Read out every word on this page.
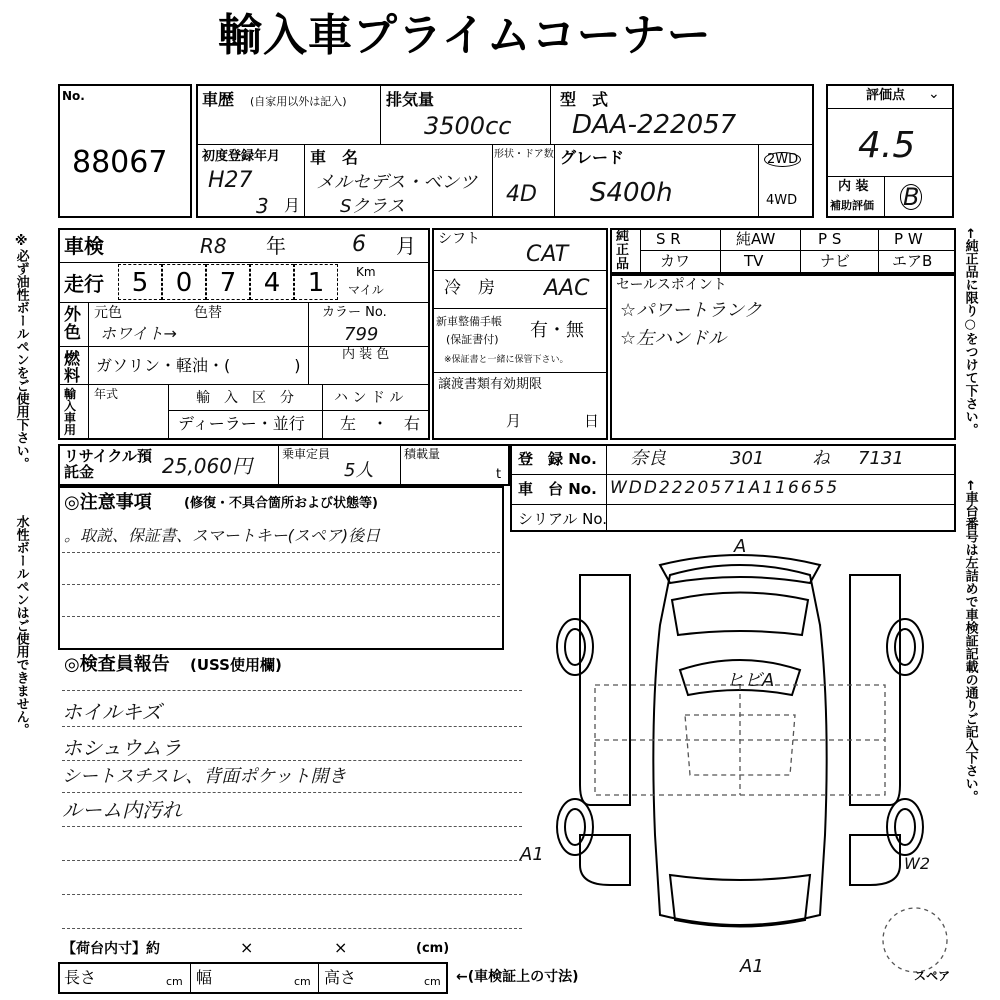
輸入車プライムコーナー
※必ず油性ボールペンをご使用下さい。
水性ボールペンはご使用できません。
←純正品に限り○をつけて下さい。
←車台番号は左詰めで車検証記載の通りご記入下さい。
No.
88067
車歴 (自家用以外は記入) 排気量
3500cc
型　式
DAA-222057
初度登録年月
H27
3 月
車　名
メルセデス・ベンツ
Sクラス
形状・ドア数
4D
グレード
S400h
2WD
4WD
評価点 ⌄
4.5
内 装
補助評価 B
車検	R8 年	6 月
走行	5	0	7	4	1	Km
マイル
外色
元色	色替
ホワイト→
カラー No.
799
燃料
ガソリン・軽油・(　　　　)
内 装 色
輸入車用
年式	輸　入　区　分
ディーラー・並行
ハ ン ド ル
左　・　右
シフト
CAT
冷　房 AAC
新車整備手帳
(保証書付) 有・無
※保証書と一緒に保管下さい。
譲渡書類有効期限
月	日
純正品
S R	純AW	P S	P W
カワ	TV	ナビ	エアB
セールスポイント
☆パワートランク
☆左ハンドル
リサイクル預託金	25,060円	乗車定員
5人
積載量
t
登　録 No. 奈良	301	ね 7131
車　台 No. WDD2220571A116655
シリアル No.
◎注意事項 (修復・不具合箇所および状態等)
。取説、保証書、スマートキー(スペア)後日
◎検査員報告 (USS使用欄)
ホイルキズ
ホシュウムラ
シートスチスレ、背面ポケット開き
ルーム内汚れ
A
A1
A1
W2
ヒビA
スペア
【荷台内寸】約	×	×	(cm)
長さ	cm 幅	cm 高さ	cm ←(車検証上の寸法)
